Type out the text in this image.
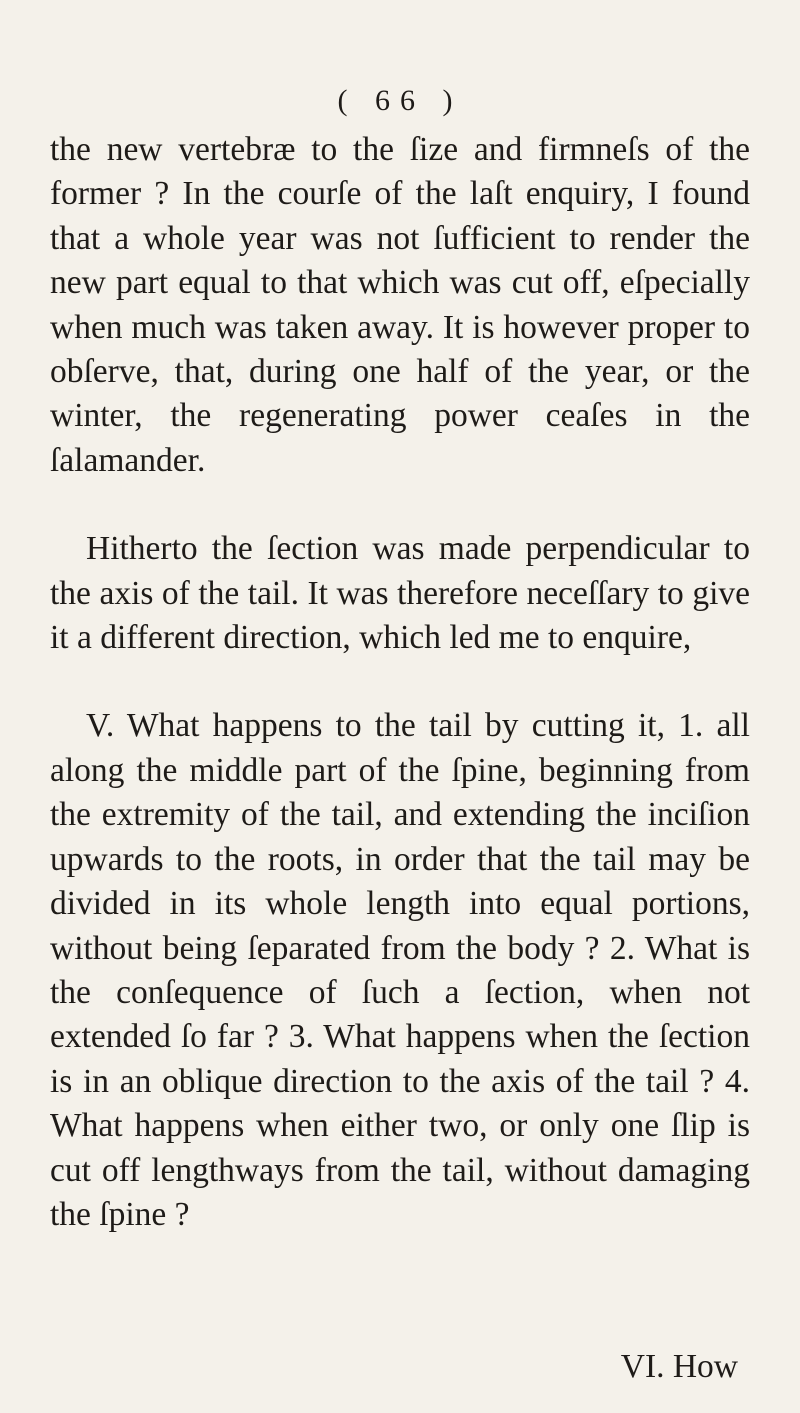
( 66 )

the new vertebræ to the ſize and firmneſs of the former ? In the courſe of the laſt enquiry, I found that a whole year was not ſufficient to render the new part equal to that which was cut off, eſpecially when much was taken away. It is however proper to obſerve, that, during one half of the year, or the winter, the regenerating power ceaſes in the ſalamander.

Hitherto the ſection was made perpendicular to the axis of the tail. It was therefore neceſſary to give it a different direction, which led me to enquire,

V. What happens to the tail by cutting it, 1. all along the middle part of the ſpine, beginning from the extremity of the tail, and extending the inciſion upwards to the roots, in order that the tail may be divided in its whole length into equal portions, without being ſeparated from the body ? 2. What is the conſequence of ſuch a ſection, when not extended ſo far ? 3. What happens when the ſection is in an oblique direction to the axis of the tail ? 4. What happens when either two, or only one ſlip is cut off lengthways from the tail, without damaging the ſpine ?

VI. How
